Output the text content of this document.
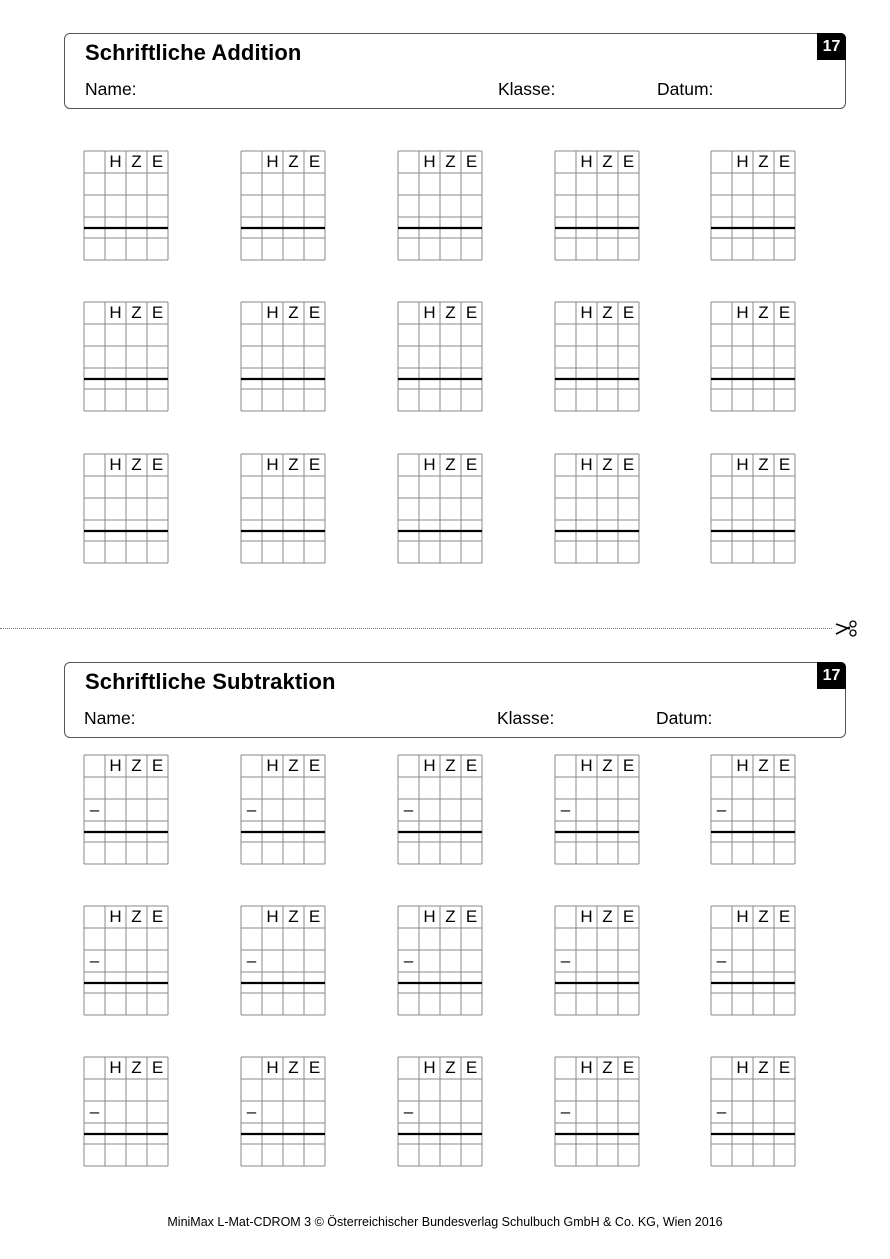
Schriftliche Addition
Name:	Klasse:	Datum:
17
H Z E	H Z E	H Z E	H Z E	H Z E
H Z E	H Z E	H Z E	H Z E	H Z E
H Z E	H Z E	H Z E	H Z E	H Z E
Schriftliche Subtraktion
Name:	Klasse:	Datum:
17
H Z E
–
H Z E
–
H Z E
–
H Z E
–
H Z E
–
H Z E
–
H Z E
–
H Z E
–
H Z E
–
H Z E
–
H Z E
–
H Z E
–
H Z E
–
H Z E
–
H Z E
–
MiniMax L-Mat-CDROM 3 © Österreichischer Bundesverlag Schulbuch GmbH & Co. KG, Wien 2016
